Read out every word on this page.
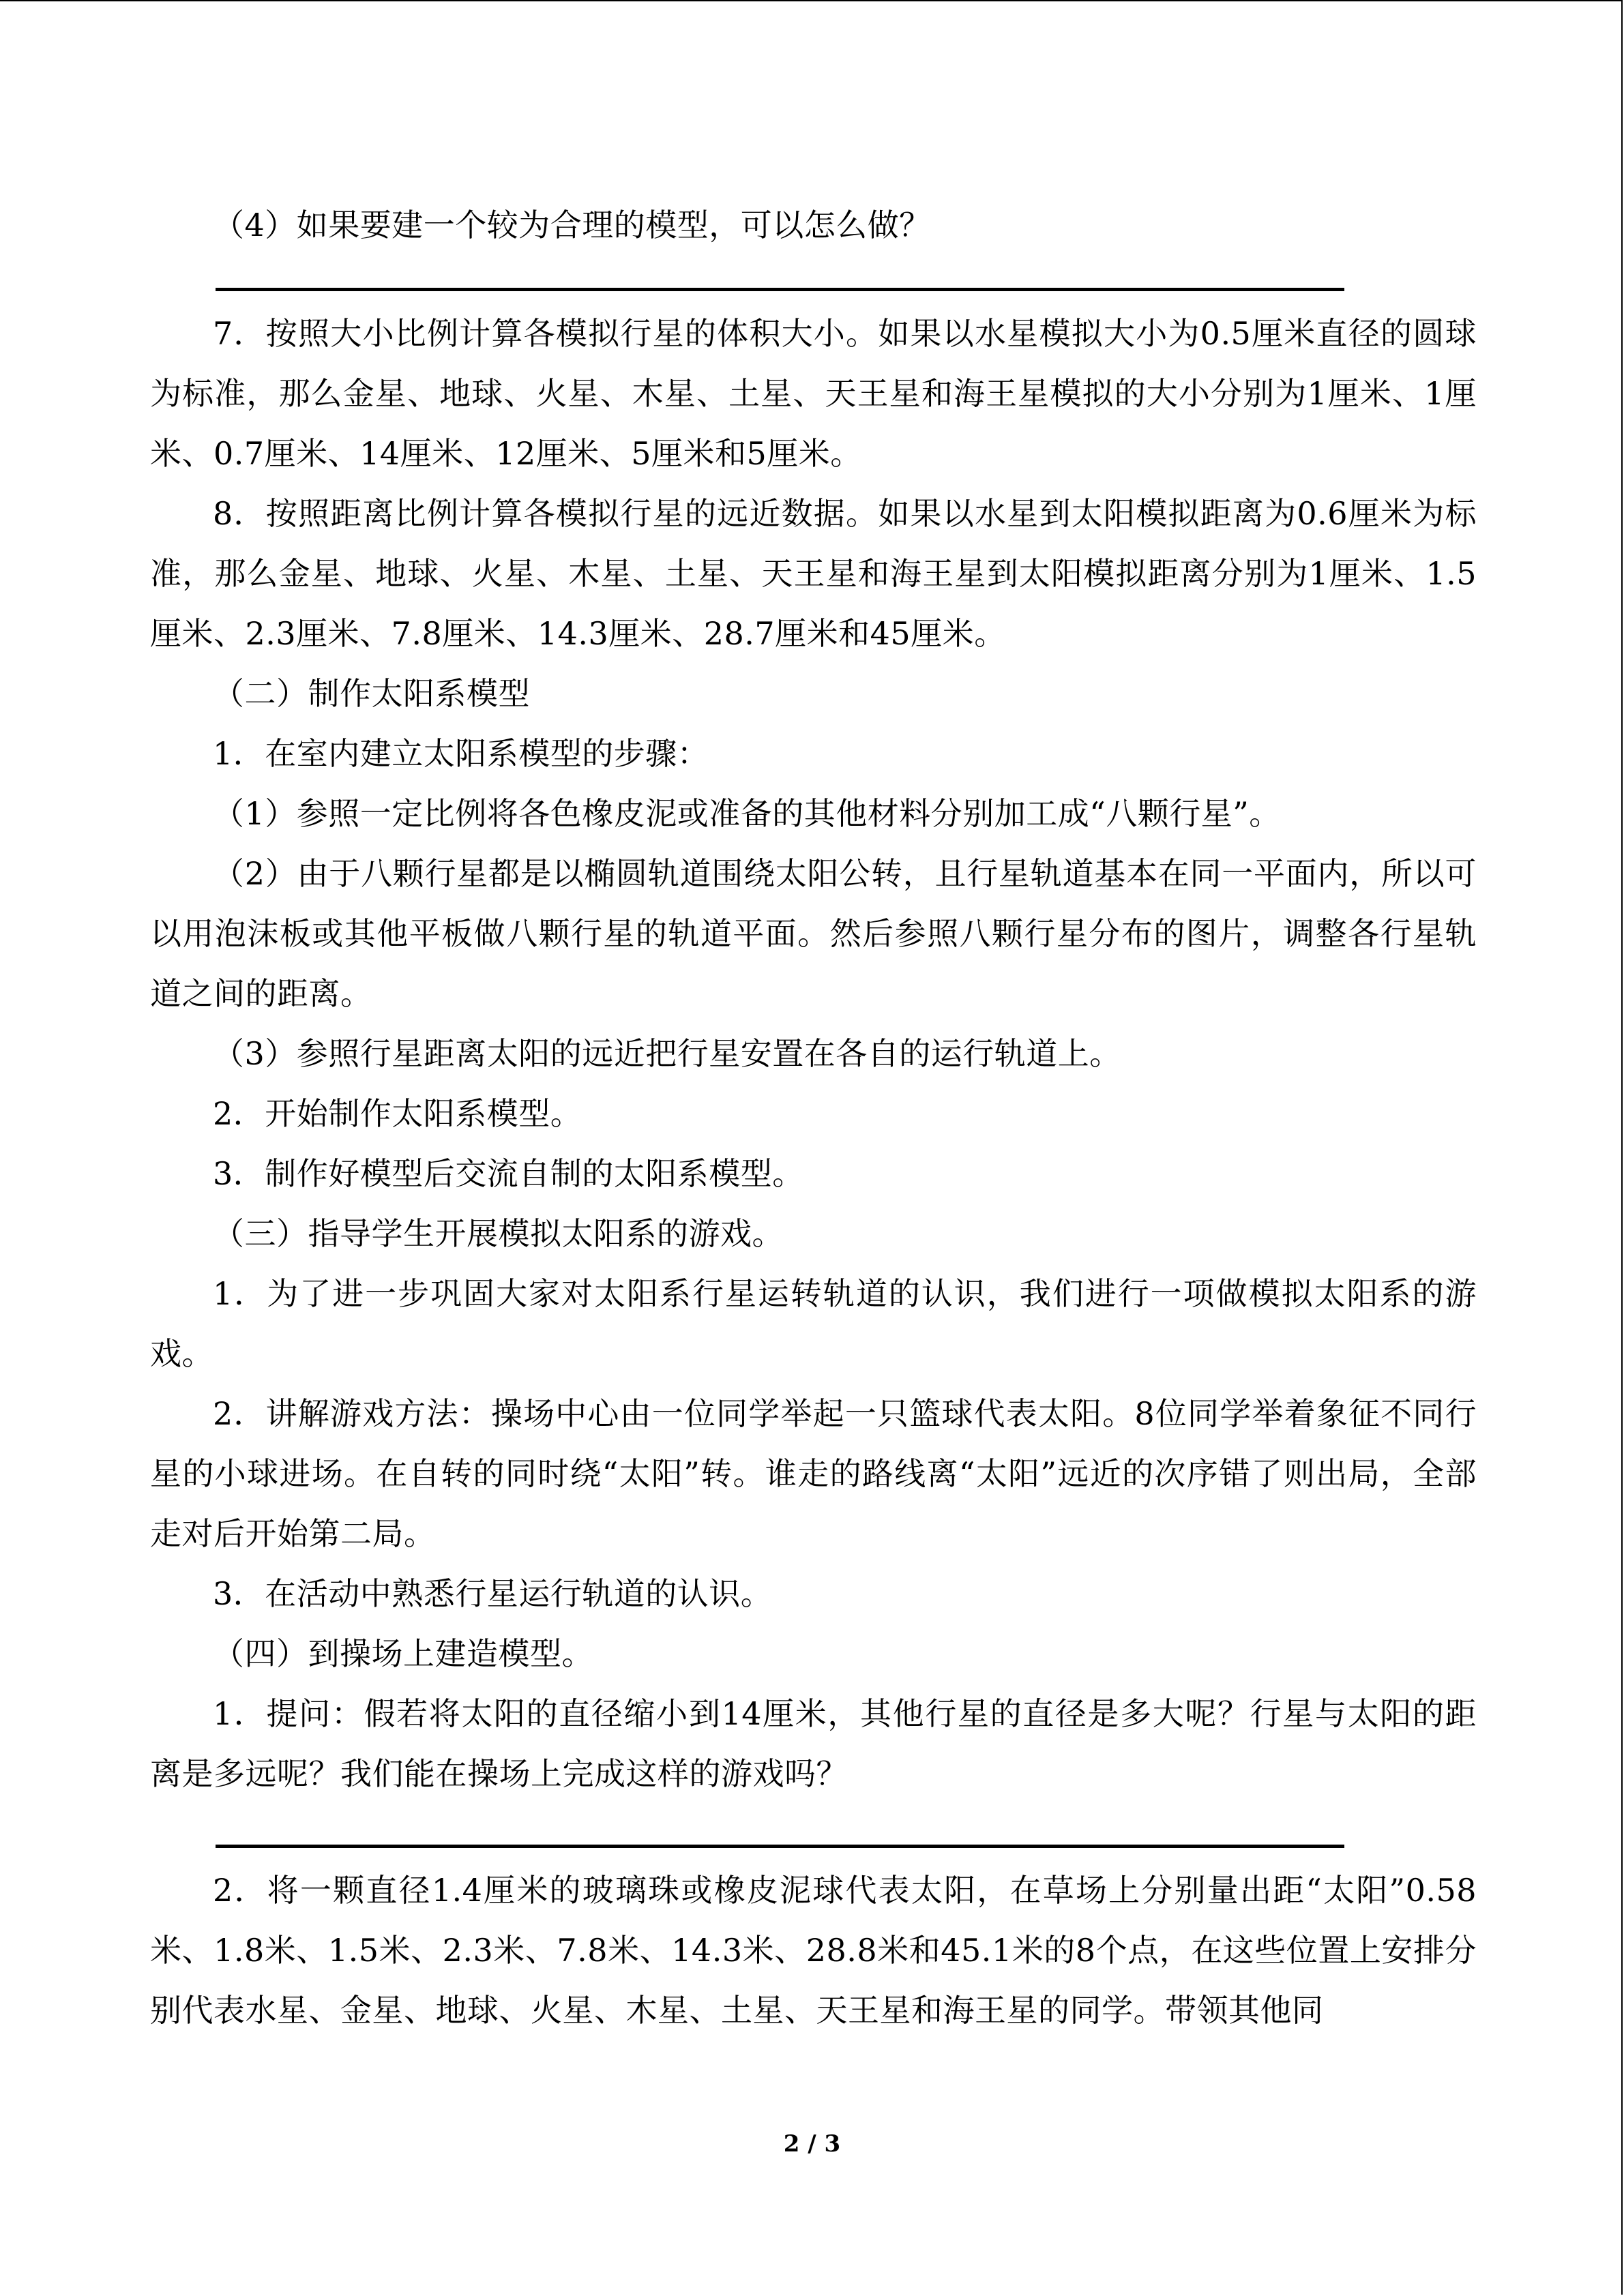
（4）如果要建一个较为合理的模型，可以怎么做？

7．按照大小比例计算各模拟行星的体积大小。如果以水星模拟大小为0.5厘米直径的圆球为标准，那么金星、地球、火星、木星、土星、天王星和海王星模拟的大小分别为1厘米、1厘米、0.7厘米、14厘米、12厘米、5厘米和5厘米。

8．按照距离比例计算各模拟行星的远近数据。如果以水星到太阳模拟距离为0.6厘米为标准，那么金星、地球、火星、木星、土星、天王星和海王星到太阳模拟距离分别为1厘米、1.5厘米、2.3厘米、7.8厘米、14.3厘米、28.7厘米和45厘米。

（二）制作太阳系模型

1．在室内建立太阳系模型的步骤：

（1）参照一定比例将各色橡皮泥或准备的其他材料分别加工成“八颗行星”。

（2）由于八颗行星都是以椭圆轨道围绕太阳公转，且行星轨道基本在同一平面内，所以可以用泡沫板或其他平板做八颗行星的轨道平面。然后参照八颗行星分布的图片，调整各行星轨道之间的距离。

（3）参照行星距离太阳的远近把行星安置在各自的运行轨道上。

2．开始制作太阳系模型。

3．制作好模型后交流自制的太阳系模型。

（三）指导学生开展模拟太阳系的游戏。

1．为了进一步巩固大家对太阳系行星运转轨道的认识，我们进行一项做模拟太阳系的游戏。

2．讲解游戏方法：操场中心由一位同学举起一只篮球代表太阳。8位同学举着象征不同行星的小球进场。在自转的同时绕“太阳”转。谁走的路线离“太阳”远近的次序错了则出局，全部走对后开始第二局。

3．在活动中熟悉行星运行轨道的认识。

（四）到操场上建造模型。

1．提问：假若将太阳的直径缩小到14厘米，其他行星的直径是多大呢？行星与太阳的距离是多远呢？我们能在操场上完成这样的游戏吗？

2．将一颗直径1.4厘米的玻璃珠或橡皮泥球代表太阳，在草场上分别量出距“太阳”0.58米、1.8米、1.5米、2.3米、7.8米、14.3米、28.8米和45.1米的8个点，在这些位置上安排分别代表水星、金星、地球、火星、木星、土星、天王星和海王星的同学。带领其他同

2 / 3
